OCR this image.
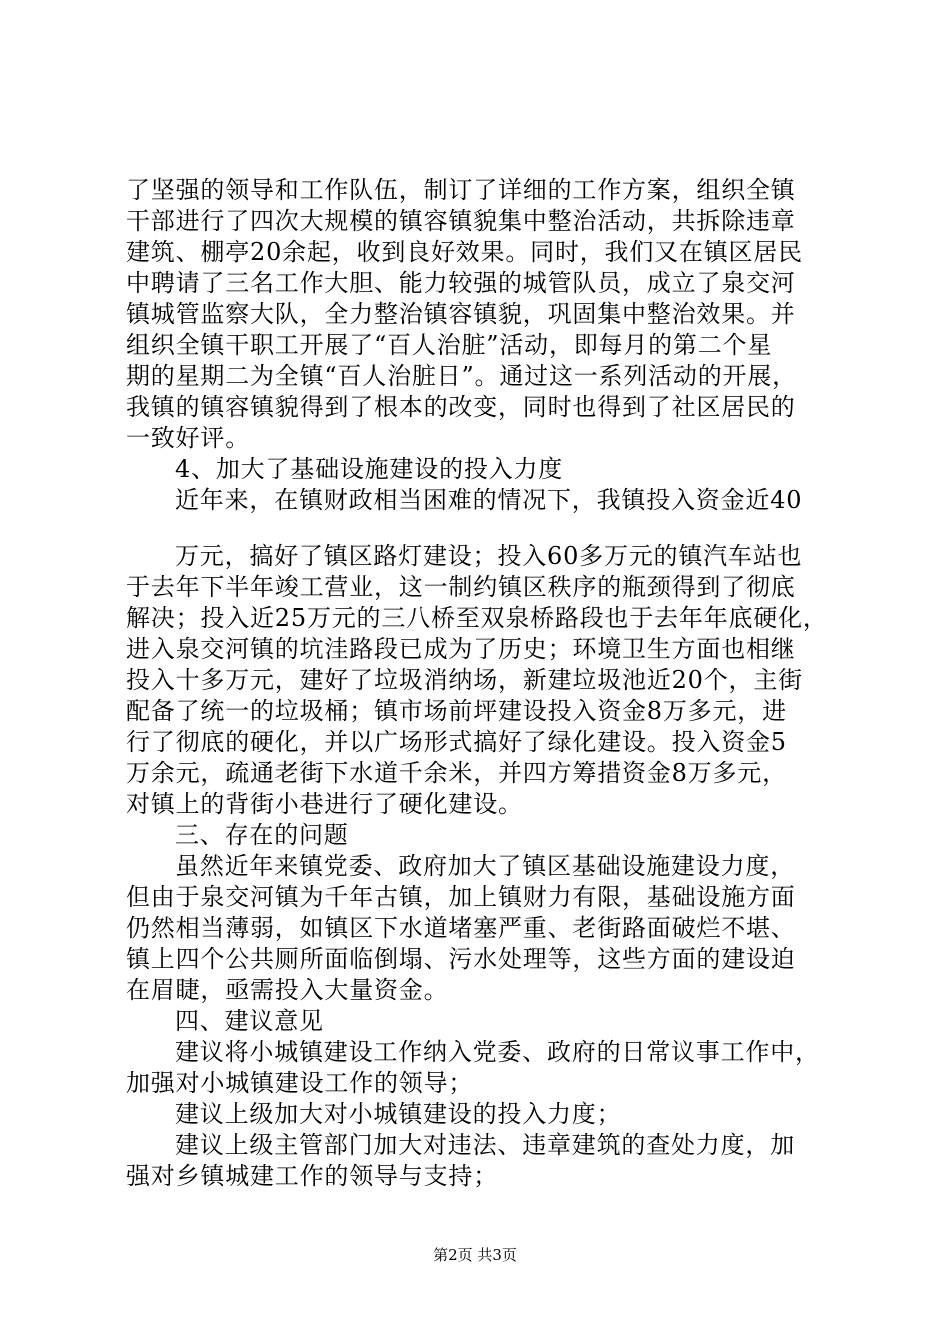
了坚强的领导和工作队伍，制订了详细的工作方案，组织全镇
干部进行了四次大规模的镇容镇貌集中整治活动，共拆除违章
建筑、棚亭20余起，收到良好效果。同时，我们又在镇区居民
中聘请了三名工作大胆、能力较强的城管队员，成立了泉交河
镇城管监察大队，全力整治镇容镇貌，巩固集中整治效果。并
组织全镇干职工开展了“百人治脏”活动，即每月的第二个星
期的星期二为全镇“百人治脏日”。通过这一系列活动的开展，
我镇的镇容镇貌得到了根本的改变，同时也得到了社区居民的
一致好评。
4、加大了基础设施建设的投入力度
近年来，在镇财政相当困难的情况下，我镇投入资金近40
万元，搞好了镇区路灯建设；投入60多万元的镇汽车站也
于去年下半年竣工营业，这一制约镇区秩序的瓶颈得到了彻底
解决；投入近25万元的三八桥至双泉桥路段也于去年年底硬化，
进入泉交河镇的坑洼路段已成为了历史；环境卫生方面也相继
投入十多万元，建好了垃圾消纳场，新建垃圾池近20个，主街
配备了统一的垃圾桶；镇市场前坪建设投入资金8万多元，进
行了彻底的硬化，并以广场形式搞好了绿化建设。投入资金5
万余元，疏通老街下水道千余米，并四方筹措资金8万多元，
对镇上的背街小巷进行了硬化建设。
三、存在的问题
虽然近年来镇党委、政府加大了镇区基础设施建设力度，
但由于泉交河镇为千年古镇，加上镇财力有限，基础设施方面
仍然相当薄弱，如镇区下水道堵塞严重、老街路面破烂不堪、
镇上四个公共厕所面临倒塌、污水处理等，这些方面的建设迫
在眉睫，亟需投入大量资金。
四、建议意见
建议将小城镇建设工作纳入党委、政府的日常议事工作中，
加强对小城镇建设工作的领导；
建议上级加大对小城镇建设的投入力度；
建议上级主管部门加大对违法、违章建筑的查处力度，加
强对乡镇城建工作的领导与支持；
第2页 共3页
